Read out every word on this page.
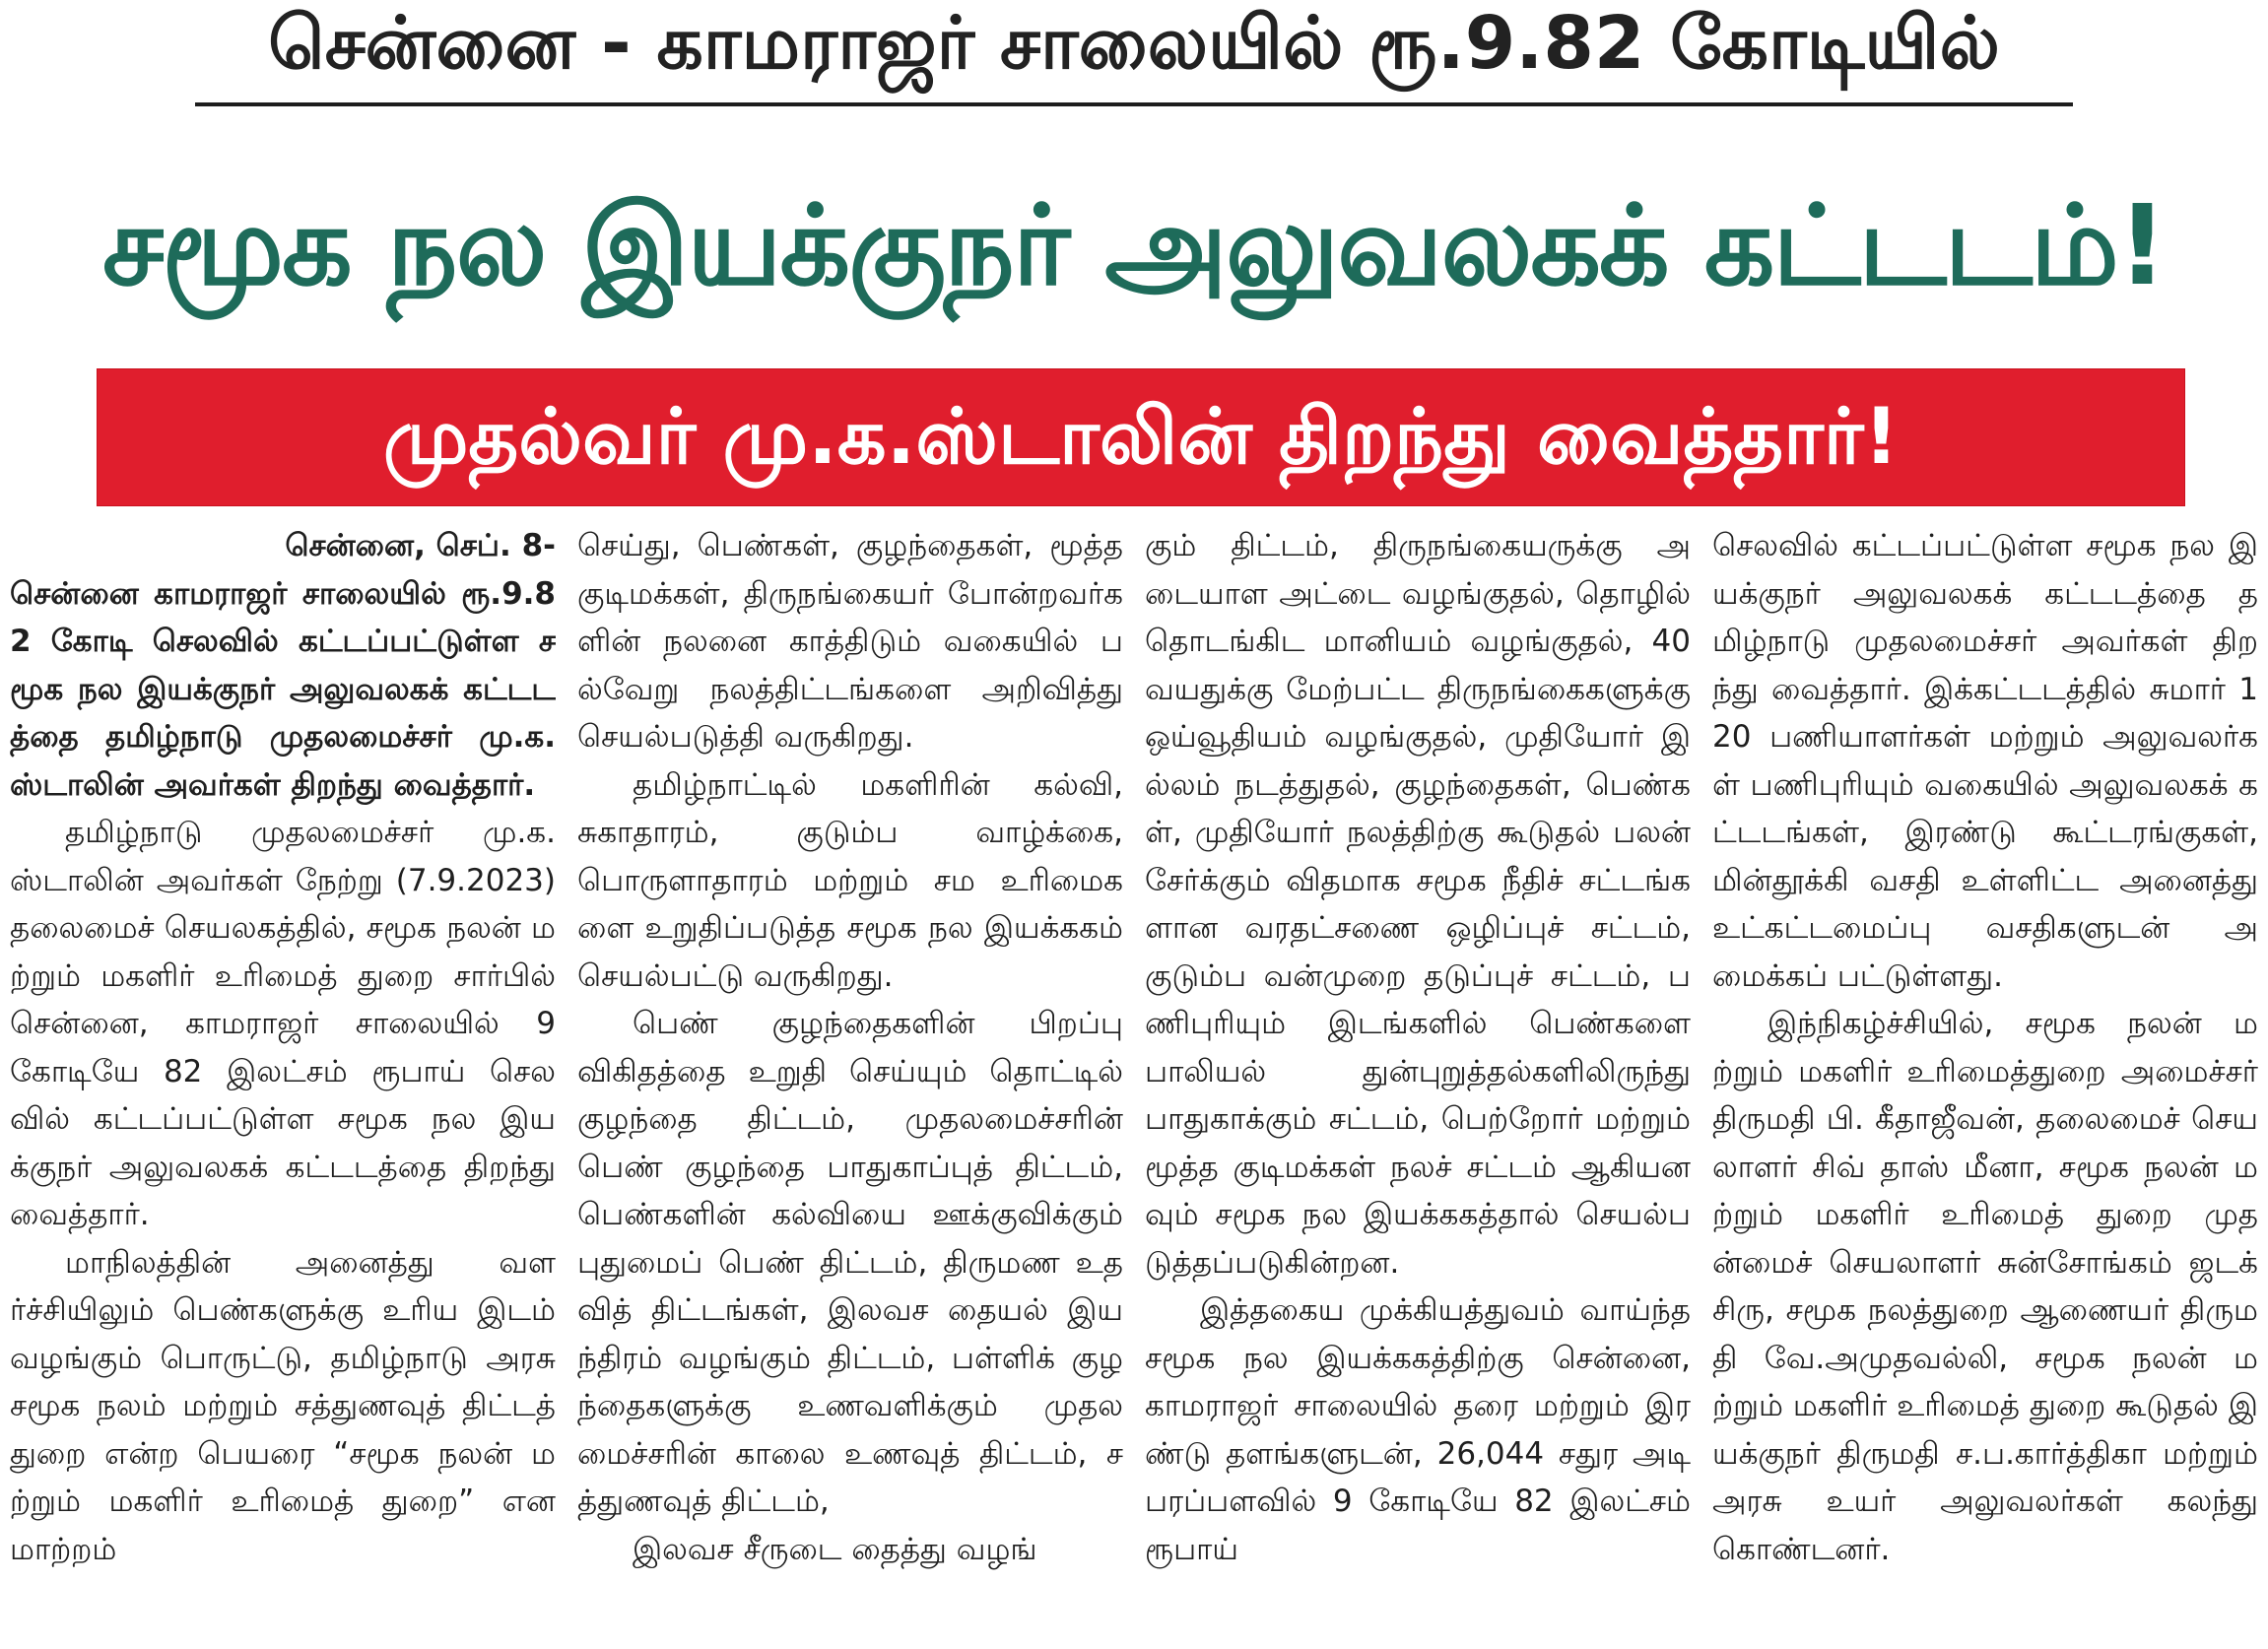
சென்னை - காமராஜர் சாலையில் ரூ.9.82 கோடியில்
சமூக நல இயக்குநர் அலுவலகக் கட்டடம்!
முதல்வர் மு.க.ஸ்டாலின் திறந்து வைத்தார்!

சென்னை, செப். 8-

சென்னை காமராஜர் சாலையில் ரூ.9.82 கோடி செலவில் கட்டப்பட்டுள்ள சமூக நல இயக்குநர் அலுவலகக் கட்டடத்தை தமிழ்நாடு முதலமைச்சர் மு.க.ஸ்டாலின் அவர்கள் திறந்து வைத்தார்.

தமிழ்நாடு முதலமைச்சர் மு.க.ஸ்டாலின் அவர்கள் நேற்று (7.9.2023) தலைமைச் செயலகத்தில், சமூக நலன் மற்றும் மகளிர் உரிமைத் துறை சார்பில் சென்னை, காமராஜர் சாலையில் 9 கோடியே 82 இலட்சம் ரூபாய் செலவில் கட்டப்பட்டுள்ள சமூக நல இயக்குநர் அலுவலகக் கட்டடத்தை திறந்து வைத்தார்.

மாநிலத்தின் அனைத்து வளர்ச்சியிலும் பெண்களுக்கு உரிய இடம் வழங்கும் பொருட்டு, தமிழ்நாடு அரசு சமூக நலம் மற்றும் சத்துணவுத் திட்டத் துறை என்ற பெயரை “சமூக நலன் மற்றும் மகளிர் உரிமைத் துறை” என மாற்றம்

செய்து, பெண்கள், குழந்தைகள், மூத்த குடிமக்கள், திருநங்கையர் போன்றவர்களின் நலனை காத்திடும் வகையில் பல்வேறு நலத்திட்டங்களை அறிவித்து செயல்படுத்தி வருகிறது.

தமிழ்நாட்டில் மகளிரின் கல்வி, சுகாதாரம், குடும்ப வாழ்க்கை, பொருளாதாரம் மற்றும் சம உரிமைகளை உறுதிப்படுத்த சமூக நல இயக்ககம் செயல்பட்டு வருகிறது.

பெண் குழந்தைகளின் பிறப்பு விகிதத்தை உறுதி செய்யும் தொட்டில் குழந்தை திட்டம், முதலமைச்சரின் பெண் குழந்தை பாதுகாப்புத் திட்டம், பெண்களின் கல்வியை ஊக்குவிக்கும் புதுமைப் பெண் திட்டம், திருமண உதவித் திட்டங்கள், இலவச தையல் இயந்திரம் வழங்கும் திட்டம், பள்ளிக் குழந்தைகளுக்கு உணவளிக்கும் முதலமைச்சரின் காலை உணவுத் திட்டம், சத்துணவுத் திட்டம்,

இலவச சீருடை தைத்து வழங்

கும் திட்டம், திருநங்கையருக்கு அடையாள அட்டை வழங்குதல், தொழில் தொடங்கிட மானியம் வழங்குதல், 40 வயதுக்கு மேற்பட்ட திருநங்கைகளுக்கு ஒய்வூதியம் வழங்குதல், முதியோர் இல்லம் நடத்துதல், குழந்தைகள், பெண்கள், முதியோர் நலத்திற்கு கூடுதல் பலன் சேர்க்கும் விதமாக சமூக நீதிச் சட்டங்களான வரதட்சணை ஒழிப்புச் சட்டம், குடும்ப வன்முறை தடுப்புச் சட்டம், பணிபுரியும் இடங்களில் பெண்களை பாலியல் துன்புறுத்தல்களிலிருந்து பாதுகாக்கும் சட்டம், பெற்றோர் மற்றும் மூத்த குடிமக்கள் நலச் சட்டம் ஆகியனவும் சமூக நல இயக்ககத்தால் செயல்படுத்தப்படுகின்றன.

இத்தகைய முக்கியத்துவம் வாய்ந்த சமூக நல இயக்ககத்திற்கு சென்னை, காமராஜர் சாலையில் தரை மற்றும் இரண்டு தளங்களுடன், 26,044 சதுர அடி பரப்பளவில் 9 கோடியே 82 இலட்சம் ரூபாய்

செலவில் கட்டப்பட்டுள்ள சமூக நல இயக்குநர் அலுவலகக் கட்டடத்தை தமிழ்நாடு முதலமைச்சர் அவர்கள் திறந்து வைத்தார். இக்கட்டடத்தில் சுமார் 120 பணியாளர்கள் மற்றும் அலுவலர்கள் பணிபுரியும் வகையில் அலுவலகக் கட்டடங்கள், இரண்டு கூட்டரங்குகள், மின்தூக்கி வசதி உள்ளிட்ட அனைத்து உட்கட்டமைப்பு வசதிகளுடன் அமைக்கப் பட்டுள்ளது.

இந்நிகழ்ச்சியில், சமூக நலன் மற்றும் மகளிர் உரிமைத்துறை அமைச்சர் திருமதி பி. கீதாஜீவன், தலைமைச் செயலாளர் சிவ் தாஸ் மீனா, சமூக நலன் மற்றும் மகளிர் உரிமைத் துறை முதன்மைச் செயலாளர் சுன்சோங்கம் ஜடக் சிரு, சமூக நலத்துறை ஆணையர் திருமதி வே.அமுதவல்லி, சமூக நலன் மற்றும் மகளிர் உரிமைத் துறை கூடுதல் இயக்குநர் திருமதி ச.ப.கார்த்திகா மற்றும் அரசு உயர் அலுவலர்கள் கலந்து கொண்டனர்.
